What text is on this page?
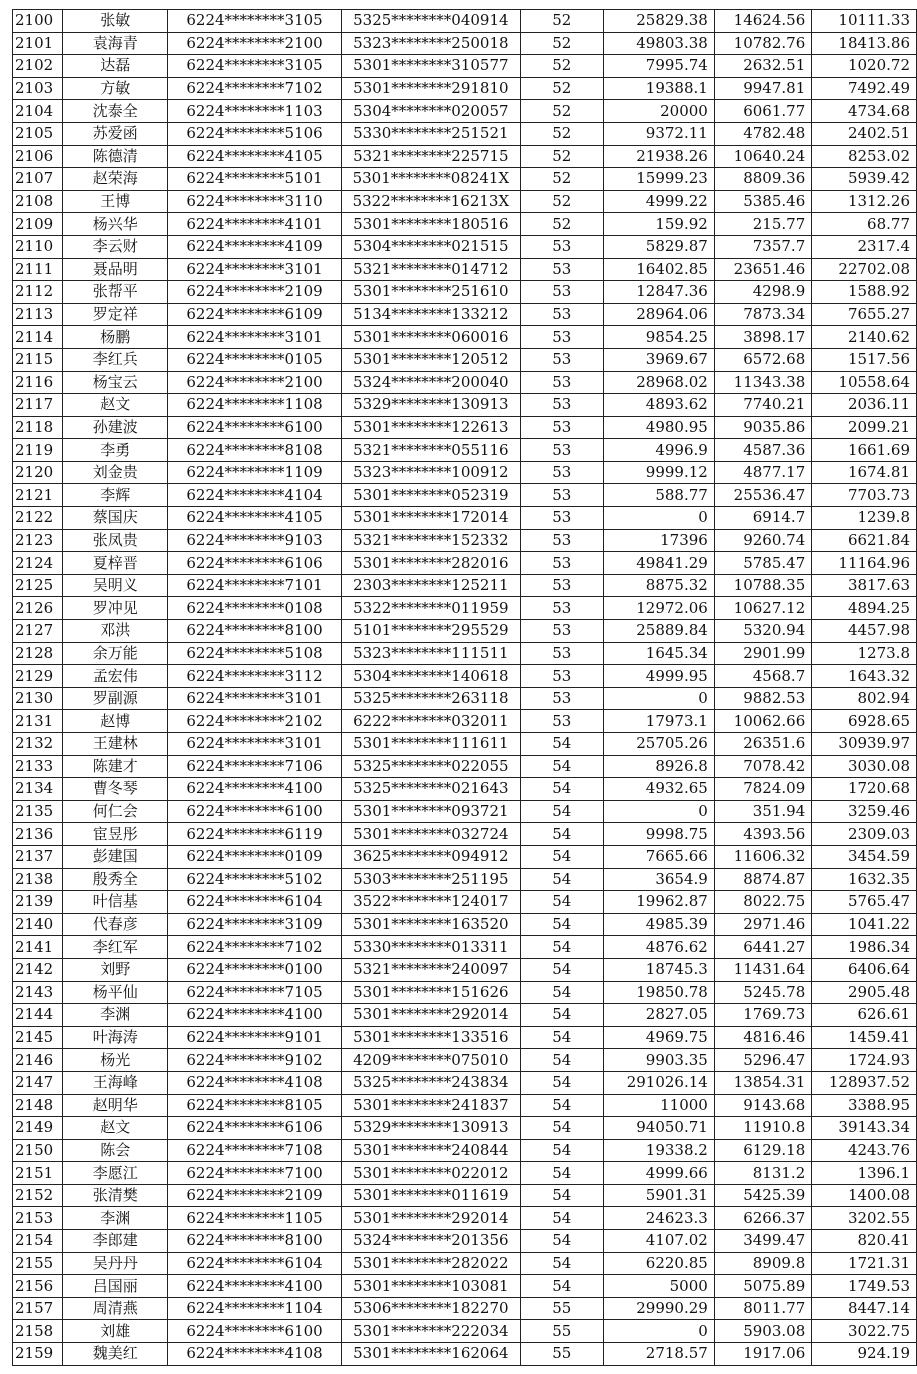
2100	张敏	6224********3105	5325********040914	52	25829.38	14624.56	10111.33
2101	袁海青	6224********2100	5323********250018	52	49803.38	10782.76	18413.86
2102	达磊	6224********3105	5301********310577	52	7995.74	2632.51	1020.72
2103	方敏	6224********7102	5301********291810	52	19388.1	9947.81	7492.49
2104	沈泰全	6224********1103	5304********020057	52	20000	6061.77	4734.68
2105	苏爱函	6224********5106	5330********251521	52	9372.11	4782.48	2402.51
2106	陈德清	6224********4105	5321********225715	52	21938.26	10640.24	8253.02
2107	赵荣海	6224********5101	5301********08241X	52	15999.23	8809.36	5939.42
2108	王博	6224********3110	5322********16213X	52	4999.22	5385.46	1312.26
2109	杨兴华	6224********4101	5301********180516	52	159.92	215.77	68.77
2110	李云财	6224********4109	5304********021515	53	5829.87	7357.7	2317.4
2111	聂品明	6224********3101	5321********014712	53	16402.85	23651.46	22702.08
2112	张帮平	6224********2109	5301********251610	53	12847.36	4298.9	1588.92
2113	罗定祥	6224********6109	5134********133212	53	28964.06	7873.34	7655.27
2114	杨鹏	6224********3101	5301********060016	53	9854.25	3898.17	2140.62
2115	李红兵	6224********0105	5301********120512	53	3969.67	6572.68	1517.56
2116	杨宝云	6224********2100	5324********200040	53	28968.02	11343.38	10558.64
2117	赵文	6224********1108	5329********130913	53	4893.62	7740.21	2036.11
2118	孙建波	6224********6100	5301********122613	53	4980.95	9035.86	2099.21
2119	李勇	6224********8108	5321********055116	53	4996.9	4587.36	1661.69
2120	刘金贵	6224********1109	5323********100912	53	9999.12	4877.17	1674.81
2121	李辉	6224********4104	5301********052319	53	588.77	25536.47	7703.73
2122	蔡国庆	6224********4105	5301********172014	53	0	6914.7	1239.8
2123	张凤贵	6224********9103	5321********152332	53	17396	9260.74	6621.84
2124	夏梓晋	6224********6106	5301********282016	53	49841.29	5785.47	11164.96
2125	吴明义	6224********7101	2303********125211	53	8875.32	10788.35	3817.63
2126	罗冲见	6224********0108	5322********011959	53	12972.06	10627.12	4894.25
2127	邓洪	6224********8100	5101********295529	53	25889.84	5320.94	4457.98
2128	余万能	6224********5108	5323********111511	53	1645.34	2901.99	1273.8
2129	孟宏伟	6224********3112	5304********140618	53	4999.95	4568.7	1643.32
2130	罗副源	6224********3101	5325********263118	53	0	9882.53	802.94
2131	赵博	6224********2102	6222********032011	53	17973.1	10062.66	6928.65
2132	王建林	6224********3101	5301********111611	54	25705.26	26351.6	30939.97
2133	陈建才	6224********7106	5325********022055	54	8926.8	7078.42	3030.08
2134	曹冬琴	6224********4100	5325********021643	54	4932.65	7824.09	1720.68
2135	何仁会	6224********6100	5301********093721	54	0	351.94	3259.46
2136	宦昱彤	6224********6119	5301********032724	54	9998.75	4393.56	2309.03
2137	彭建国	6224********0109	3625********094912	54	7665.66	11606.32	3454.59
2138	殷秀全	6224********5102	5303********251195	54	3654.9	8874.87	1632.35
2139	叶信基	6224********6104	3522********124017	54	19962.87	8022.75	5765.47
2140	代春彦	6224********3109	5301********163520	54	4985.39	2971.46	1041.22
2141	李红军	6224********7102	5330********013311	54	4876.62	6441.27	1986.34
2142	刘野	6224********0100	5321********240097	54	18745.3	11431.64	6406.64
2143	杨平仙	6224********7105	5301********151626	54	19850.78	5245.78	2905.48
2144	李渊	6224********4100	5301********292014	54	2827.05	1769.73	626.61
2145	叶海涛	6224********9101	5301********133516	54	4969.75	4816.46	1459.41
2146	杨光	6224********9102	4209********075010	54	9903.35	5296.47	1724.93
2147	王海峰	6224********4108	5325********243834	54	291026.14	13854.31	128937.52
2148	赵明华	6224********8105	5301********241837	54	11000	9143.68	3388.95
2149	赵文	6224********6106	5329********130913	54	94050.71	11910.8	39143.34
2150	陈会	6224********7108	5301********240844	54	19338.2	6129.18	4243.76
2151	李愿江	6224********7100	5301********022012	54	4999.66	8131.2	1396.1
2152	张清樊	6224********2109	5301********011619	54	5901.31	5425.39	1400.08
2153	李渊	6224********1105	5301********292014	54	24623.3	6266.37	3202.55
2154	李郎建	6224********8100	5324********201356	54	4107.02	3499.47	820.41
2155	吴丹丹	6224********6104	5301********282022	54	6220.85	8909.8	1721.31
2156	吕国丽	6224********4100	5301********103081	54	5000	5075.89	1749.53
2157	周清燕	6224********1104	5306********182270	55	29990.29	8011.77	8447.14
2158	刘雄	6224********6100	5301********222034	55	0	5903.08	3022.75
2159	魏美红	6224********4108	5301********162064	55	2718.57	1917.06	924.19
